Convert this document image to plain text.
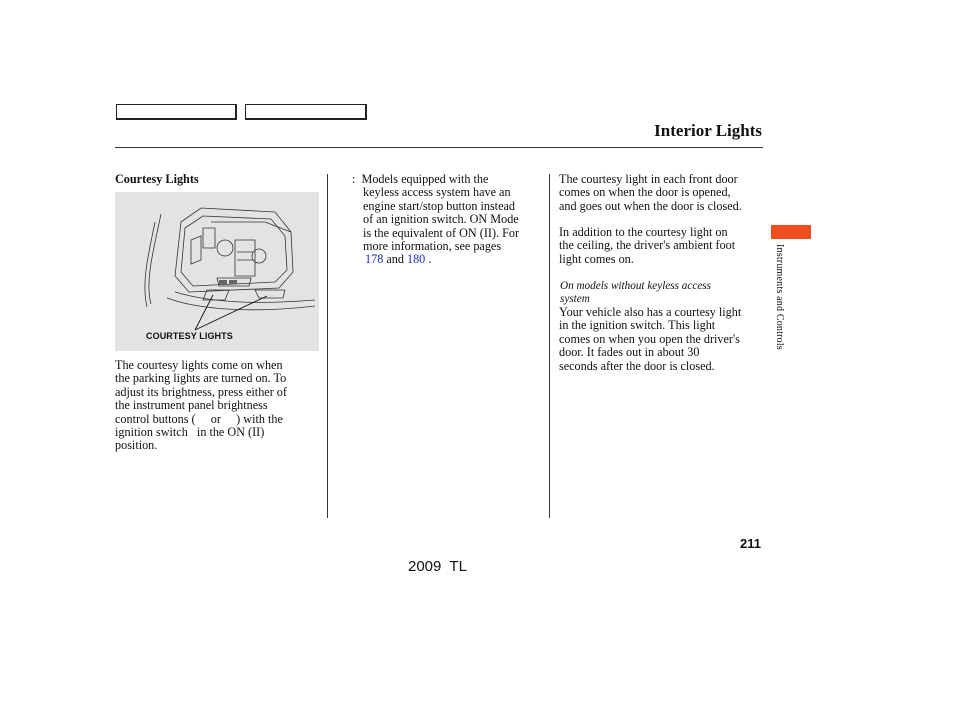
Interior Lights

Courtesy Lights

COURTESY LIGHTS

The courtesy lights come on when

the parking lights are turned on. To

adjust its brightness, press either of

the instrument panel brightness

control buttons (     or     ) with the

ignition switch   in the ON (II)

position.

:  Models equipped with the

keyless access system have an

engine start/stop button instead

of an ignition switch. ON Mode

is the equivalent of ON (II). For

more information, see pages

178 and 180 .

The courtesy light in each front door

comes on when the door is opened,

and goes out when the door is closed.

In addition to the courtesy light on

the ceiling, the driver's ambient foot

light comes on.

On models without keyless access

system

Your vehicle also has a courtesy light

in the ignition switch. This light

comes on when you open the driver's

door. It fades out in about 30

seconds after the door is closed.

Instruments and Controls
211
2009  TL
